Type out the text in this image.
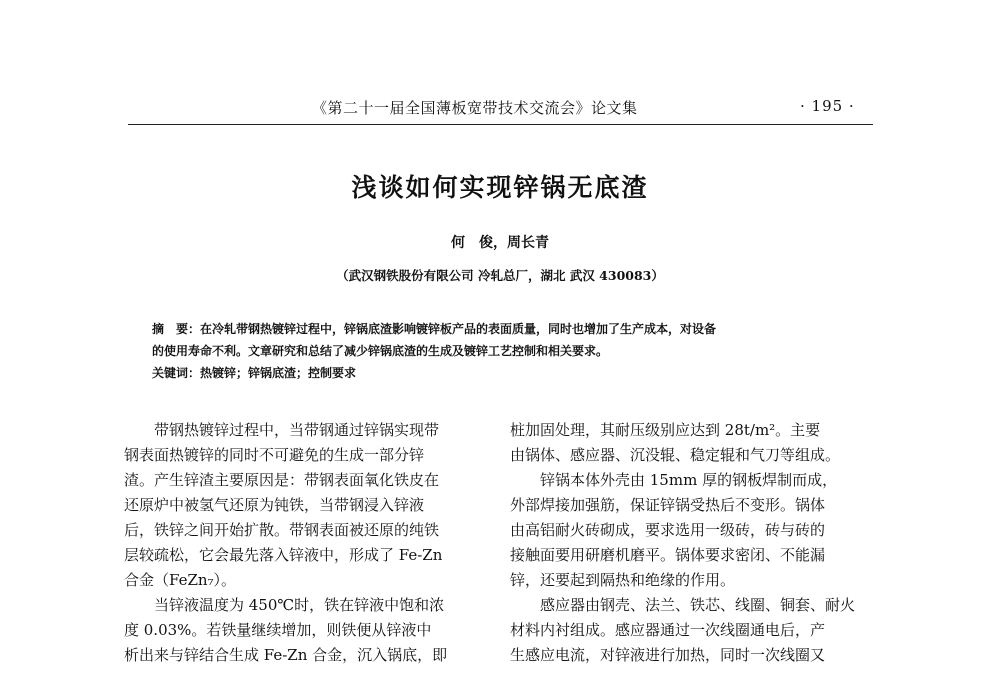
《第二十一届全国薄板宽带技术交流会》论文集	· 195 ·
浅谈如何实现锌锅无底渣
何　俊，周长青
（武汉钢铁股份有限公司 冷轧总厂，湖北 武汉 430083）

摘　要：在冷轧带钢热镀锌过程中，锌锅底渣影响镀锌板产品的表面质量，同时也增加了生产成本，对设备

的使用寿命不利。文章研究和总结了减少锌锅底渣的生成及镀锌工艺控制和相关要求。

关键词：热镀锌；锌锅底渣；控制要求

　　带钢热镀锌过程中，当带钢通过锌锅实现带
钢表面热镀锌的同时不可避免的生成一部分锌
渣。产生锌渣主要原因是：带钢表面氧化铁皮在
还原炉中被氢气还原为钝铁，当带钢浸入锌液
后，铁锌之间开始扩散。带钢表面被还原的纯铁
层较疏松，它会最先落入锌液中，形成了 Fe-Zn
合金（FeZn₇）。
　　当锌液温度为 450℃时，铁在锌液中饱和浓
度 0.03%。若铁量继续增加，则铁便从锌液中
析出来与锌结合生成 Fe-Zn 合金，沉入锅底，即
桩加固处理，其耐压级别应达到 28t/m²。主要
由锅体、感应器、沉没辊、稳定辊和气刀等组成。
　　锌锅本体外壳由 15mm 厚的钢板焊制而成，
外部焊接加强筋，保证锌锅受热后不变形。锅体
由高铝耐火砖砌成，要求选用一级砖，砖与砖的
接触面要用研磨机磨平。锅体要求密闭、不能漏
锌，还要起到隔热和绝缘的作用。
　　感应器由钢壳、法兰、铁芯、线圈、铜套、耐火
材料内衬组成。感应器通过一次线圈通电后，产
生感应电流，对锌液进行加热，同时一次线圈又
